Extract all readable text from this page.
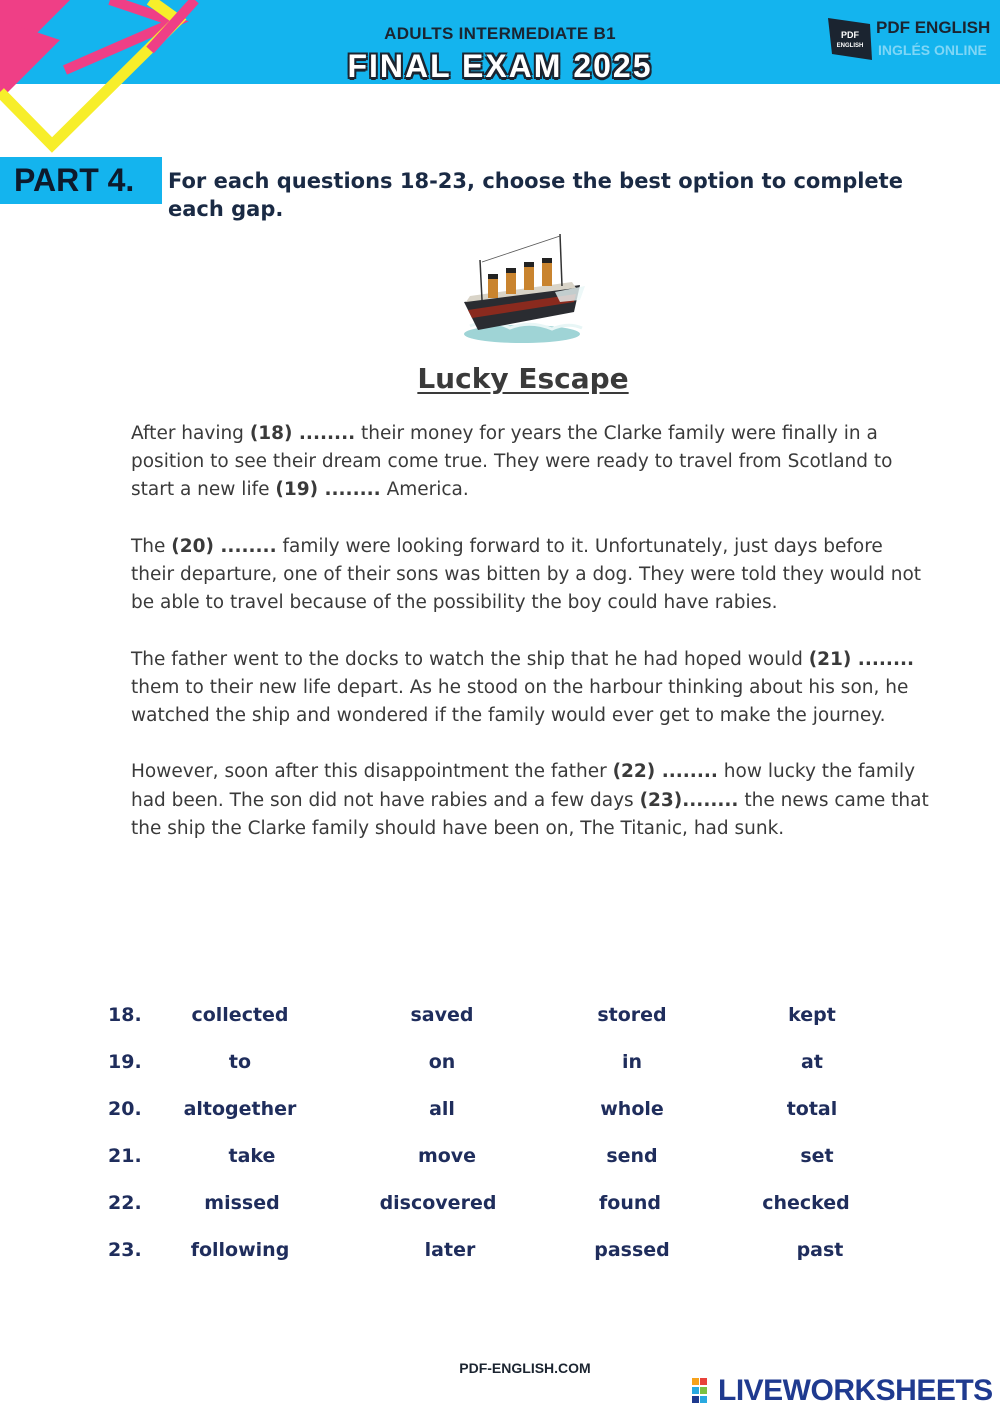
ADULTS INTERMEDIATE B1
FINAL EXAM 2025
PDF
ENGLISH
PDF ENGLISH
INGLÉS ONLINE
PART 4.	For each questions 18-23, choose the best option to complete each gap.
Lucky Escape

After having (18) ........ their money for years the Clarke family were finally in a position to see their dream come true. They were ready to travel from Scotland to start a new life (19) ........ America.

The (20) ........ family were looking forward to it. Unfortunately, just days before their departure, one of their sons was bitten by a dog. They were told they would not be able to travel because of the possibility the boy could have rabies.

The father went to the docks to watch the ship that he had hoped would (21) ........ them to their new life depart. As he stood on the harbour thinking about his son, he watched the ship and wondered if the family would ever get to make the journey.

However, soon after this disappointment the father (22) ........ how lucky the family had been. The son did not have rabies and a few days (23)........ the news came that the ship the Clarke family should have been on, The Titanic, had sunk.

18.	collected	saved	stored	kept
19.	to	on	in	at
20.	altogether	all	whole	total
21.	take	move	send	set
22.	missed	discovered	found	checked
23.	following	later	passed	past
PDF-ENGLISH.COM
LIVEWORKSHEETS
